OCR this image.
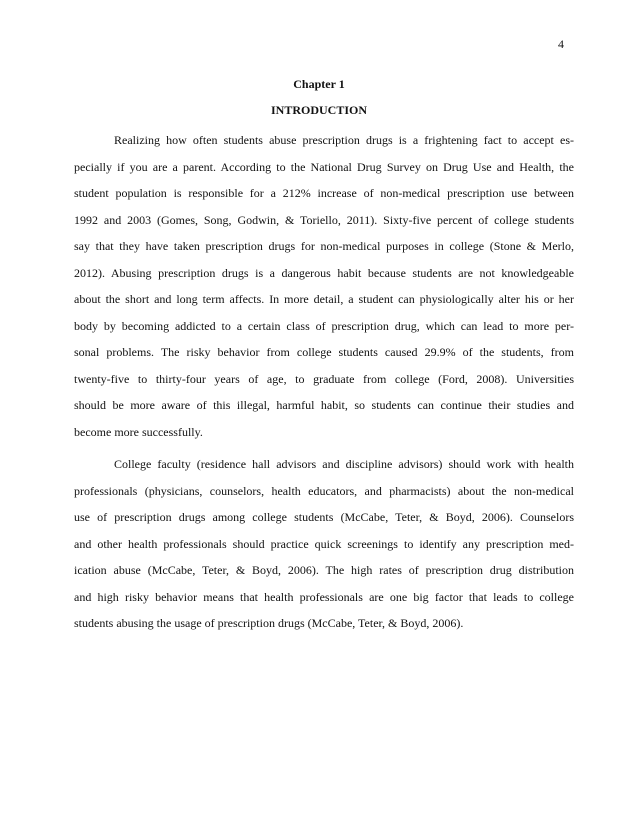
4
Chapter 1
INTRODUCTION
Realizing how often students abuse prescription drugs is a frightening fact to accept es-
pecially if you are a parent. According to the National Drug Survey on Drug Use and Health, the
student population is responsible for a 212% increase of non-medical prescription use between
1992 and 2003 (Gomes, Song, Godwin, & Toriello, 2011). Sixty-five percent of college students
say that they have taken prescription drugs for non-medical purposes in college (Stone & Merlo,
2012). Abusing prescription drugs is a dangerous habit because students are not knowledgeable
about the short and long term affects. In more detail, a student can physiologically alter his or her
body by becoming addicted to a certain class of prescription drug, which can lead to more per-
sonal problems. The risky behavior from college students caused 29.9% of the students, from
twenty-five to thirty-four years of age, to graduate from college (Ford, 2008). Universities
should be more aware of this illegal, harmful habit, so students can continue their studies and
become more successfully.
College faculty (residence hall advisors and discipline advisors) should work with health
professionals (physicians, counselors, health educators, and pharmacists) about the non-medical
use of prescription drugs among college students (McCabe, Teter, & Boyd, 2006). Counselors
and other health professionals should practice quick screenings to identify any prescription med-
ication abuse (McCabe, Teter, & Boyd, 2006). The high rates of prescription drug distribution
and high risky behavior means that health professionals are one big factor that leads to college
students abusing the usage of prescription drugs (McCabe, Teter, & Boyd, 2006).
